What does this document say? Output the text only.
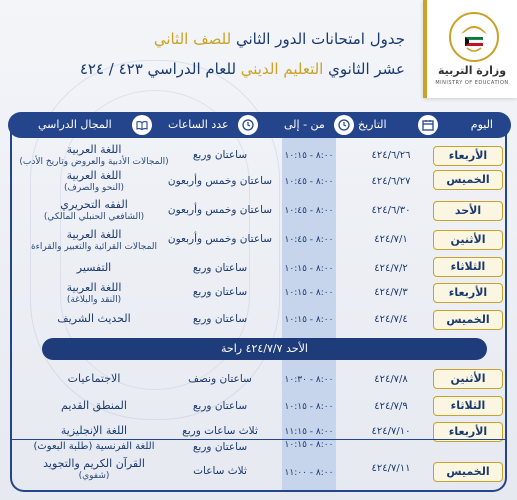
وزارة التربية
MINISTRY OF EDUCATION
جدول امتحانات الدور الثاني للصف الثاني
عشر الثانوي التعليم الديني للعام الدراسي ٤٢٣ / ٤٢٤
اليوم
التاريخ
من - إلى
عدد الساعات
المجال الدراسي
الأربعاء
٤٢٤/٦/٢٦
٨:٠٠ - ١٠:١٥
ساعتان وربع
اللغة العربية
(المجالات الأدبية والعروض وتاريخ الأدب)
الخميس
٤٢٤/٦/٢٧
٨:٠٠ - ١٠:٤٥
ساعتان وخمس وأربعون
اللغة العربية
(النحو والصرف)
الأحد
٤٢٤/٦/٣٠
٨:٠٠ - ١٠:٤٥
ساعتان وخمس وأربعون
الفقه التحريري
(الشافعي الحنبلي المالكي)
الأثنين
٤٢٤/٧/١
٨:٠٠ - ١٠:٤٥
ساعتان وخمس وأربعون
اللغة العربية
المجالات القرائية والتعبير والقراءة
الثلاثاء
٤٢٤/٧/٢
٨:٠٠ - ١٠:١٥
ساعتان وربع
التفسير
الأربعاء
٤٢٤/٧/٣
٨:٠٠ - ١٠:١٥
ساعتان وربع
اللغة العربية
(النقد والبلاغة)
الخميس
٤٢٤/٧/٤
٨:٠٠ - ١٠:١٥
ساعتان وربع
الحديث الشريف
الأحد ٤٢٤/٧/٧ راحة
الأثنين
٤٢٤/٧/٨
٨:٠٠ - ١٠:٣٠
ساعتان ونصف
الاجتماعيات
الثلاثاء
٤٢٤/٧/٩
٨:٠٠ - ١٠:١٥
ساعتان وربع
المنطق القديم
الأربعاء
٤٢٤/٧/١٠
٨:٠٠ - ١١:١٥
ثلاث ساعات وربع
اللغة الإنجليزية
٨:٠٠ - ١٠:١٥
ساعتان وربع
اللغة الفرنسية (طلبة البعوث)
الخميس
٤٢٤/٧/١١
٨:٠٠ - ١١:٠٠
ثلاث ساعات
القرآن الكريم والتجويد
(شفوي)
